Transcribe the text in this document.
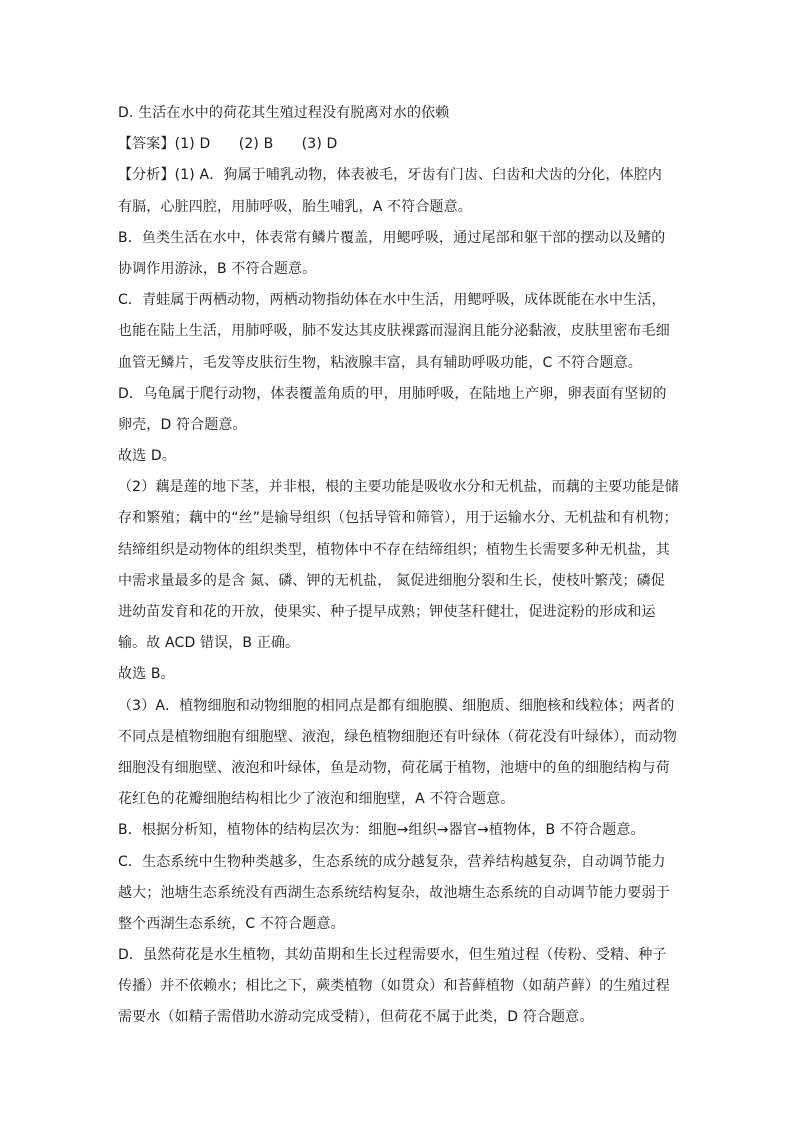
D. 生活在水中的荷花其生殖过程没有脱离对水的依赖
【答案】(1) D　　(2) B　　(3) D
【分析】(1) A．狗属于哺乳动物，体表被毛，牙齿有门齿、臼齿和犬齿的分化，体腔内
有膈，心脏四腔，用肺呼吸，胎生哺乳，A 不符合题意。
B．鱼类生活在水中，体表常有鳞片覆盖，用鳃呼吸，通过尾部和躯干部的摆动以及鳍的
协调作用游泳，B 不符合题意。
C．青蛙属于两栖动物，两栖动物指幼体在水中生活，用鳃呼吸，成体既能在水中生活，
也能在陆上生活，用肺呼吸，肺不发达其皮肤裸露而湿润且能分泌黏液，皮肤里密布毛细
血管无鳞片，毛发等皮肤衍生物，粘液腺丰富，具有辅助呼吸功能，C 不符合题意。
D．乌龟属于爬行动物，体表覆盖角质的甲，用肺呼吸，在陆地上产卵，卵表面有坚韧的
卵壳，D 符合题意。
故选 D。
（2）藕是莲的地下茎，并非根，根的主要功能是吸收水分和无机盐，而藕的主要功能是储
存和繁殖；藕中的“丝”是输导组织（包括导管和筛管），用于运输水分、无机盐和有机物；
结缔组织是动物体的组织类型，植物体中不存在结缔组织；植物生长需要多种无机盐，其
中需求量最多的是含 氮、磷、钾的无机盐， 氮促进细胞分裂和生长，使枝叶繁茂；磷促
进幼苗发育和花的开放，使果实、种子提早成熟；钾使茎秆健壮，促进淀粉的形成和运
输。故 ACD 错误，B 正确。
故选 B。
（3）A．植物细胞和动物细胞的相同点是都有细胞膜、细胞质、细胞核和线粒体；两者的
不同点是植物细胞有细胞壁、液泡，绿色植物细胞还有叶绿体（荷花没有叶绿体），而动物
细胞没有细胞壁、液泡和叶绿体，鱼是动物，荷花属于植物，池塘中的鱼的细胞结构与荷
花红色的花瓣细胞结构相比少了液泡和细胞壁，A 不符合题意。
B．根据分析知，植物体的结构层次为：细胞→组织→器官→植物体，B 不符合题意。
C．生态系统中生物种类越多，生态系统的成分越复杂，营养结构越复杂，自动调节能力
越大；池塘生态系统没有西湖生态系统结构复杂，故池塘生态系统的自动调节能力要弱于
整个西湖生态系统，C 不符合题意。
D．虽然荷花是水生植物，其幼苗期和生长过程需要水，但生殖过程（传粉、受精、种子
传播）并不依赖水；相比之下，蕨类植物（如贯众）和苔藓植物（如葫芦藓）的生殖过程
需要水（如精子需借助水游动完成受精），但荷花不属于此类，D 符合题意。
